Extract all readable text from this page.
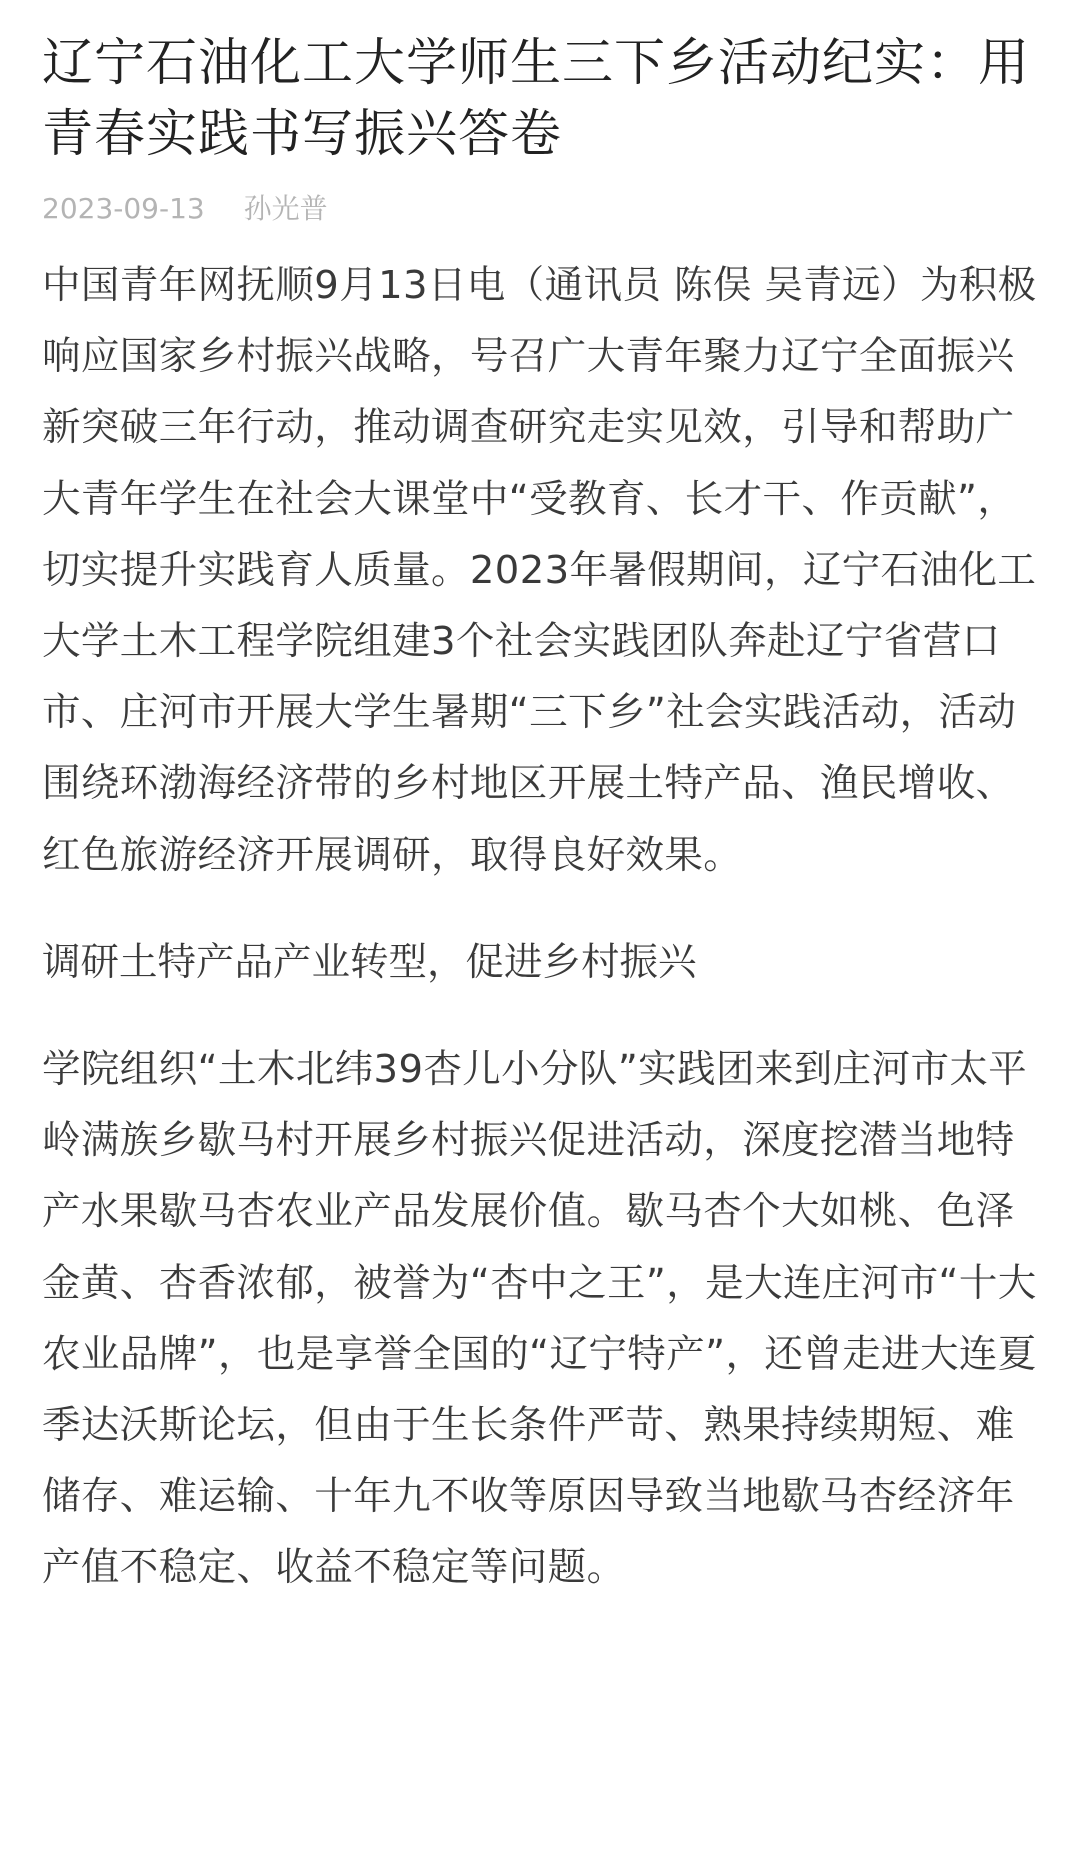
辽宁石油化工大学师生三下乡活动纪实：用青春实践书写振兴答卷
2023-09-13 孙光普

中国青年网抚顺9月13日电（通讯员 陈俣 吴青远）为积极响应国家乡村振兴战略，号召广大青年聚力辽宁全面振兴新突破三年行动，推动调查研究走实见效，引导和帮助广大青年学生在社会大课堂中“受教育、长才干、作贡献”，切实提升实践育人质量。2023年暑假期间，辽宁石油化工大学土木工程学院组建3个社会实践团队奔赴辽宁省营口市、庄河市开展大学生暑期“三下乡”社会实践活动，活动围绕环渤海经济带的乡村地区开展土特产品、渔民增收、红色旅游经济开展调研，取得良好效果。

调研土特产品产业转型，促进乡村振兴

学院组织“土木北纬39杏儿小分队”实践团来到庄河市太平岭满族乡歇马村开展乡村振兴促进活动，深度挖潜当地特产水果歇马杏农业产品发展价值。歇马杏个大如桃、色泽金黄、杏香浓郁，被誉为“杏中之王”，是大连庄河市“十大农业品牌”，也是享誉全国的“辽宁特产”，还曾走进大连夏季达沃斯论坛，但由于生长条件严苛、熟果持续期短、难储存、难运输、十年九不收等原因导致当地歇马杏经济年产值不稳定、收益不稳定等问题。
